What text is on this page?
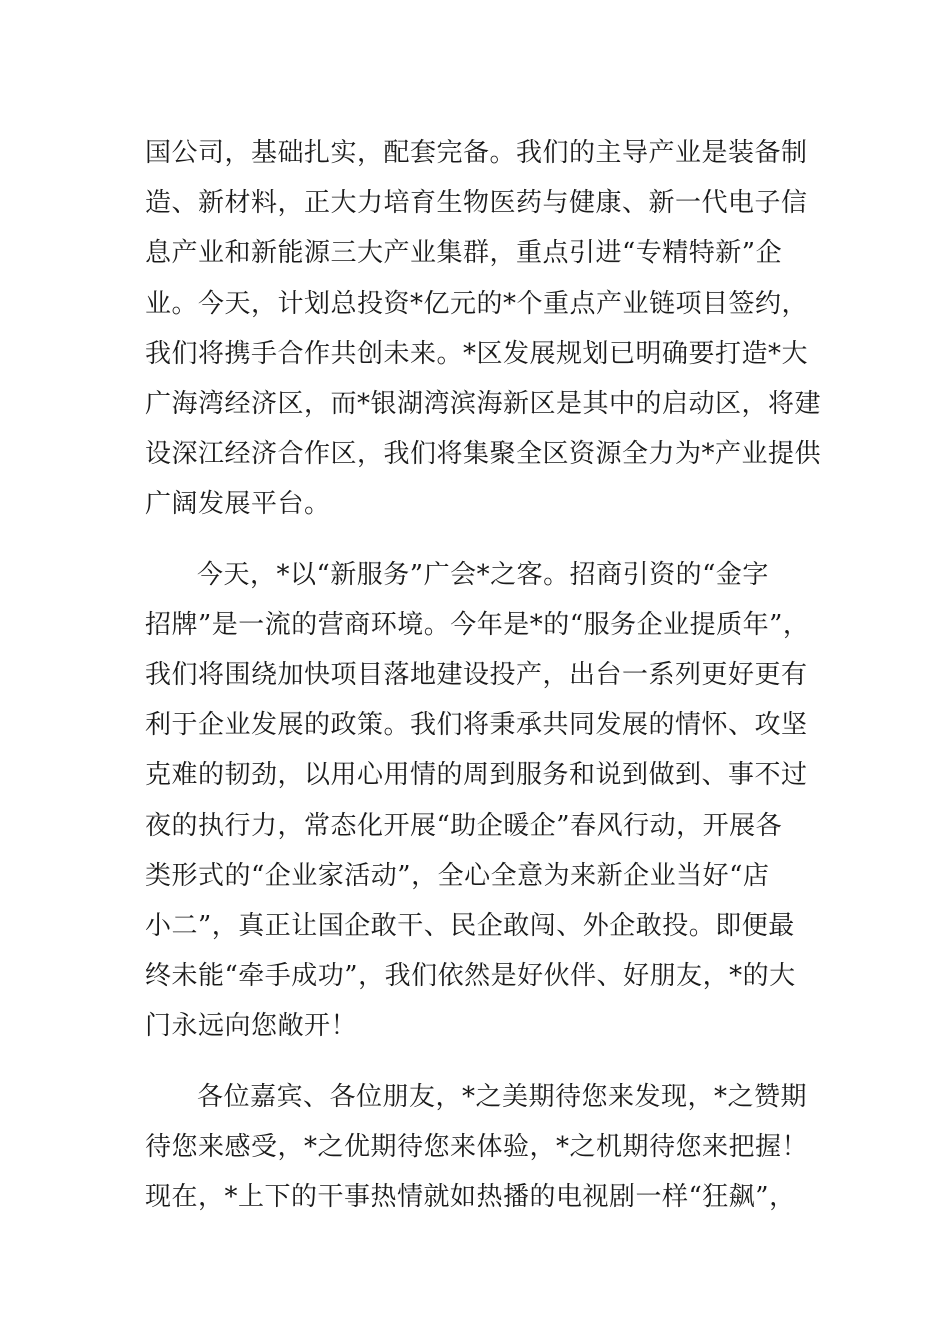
国公司，基础扎实，配套完备。我们的主导产业是装备制
造、新材料，正大力培育生物医药与健康、新一代电子信
息产业和新能源三大产业集群，重点引进“专精特新”企
业。今天，计划总投资*亿元的*个重点产业链项目签约，
我们将携手合作共创未来。*区发展规划已明确要打造*大
广海湾经济区，而*银湖湾滨海新区是其中的启动区，将建
设深江经济合作区，我们将集聚全区资源全力为*产业提供
广阔发展平台。

今天，*以“新服务”广会*之客。招商引资的“金字
招牌”是一流的营商环境。今年是*的“服务企业提质年”，
我们将围绕加快项目落地建设投产，出台一系列更好更有
利于企业发展的政策。我们将秉承共同发展的情怀、攻坚
克难的韧劲，以用心用情的周到服务和说到做到、事不过
夜的执行力，常态化开展“助企暖企”春风行动，开展各
类形式的“企业家活动”，全心全意为来新企业当好“店
小二”，真正让国企敢干、民企敢闯、外企敢投。即便最
终未能“牵手成功”，我们依然是好伙伴、好朋友，*的大
门永远向您敞开！

各位嘉宾、各位朋友，*之美期待您来发现，*之赞期
待您来感受，*之优期待您来体验，*之机期待您来把握！
现在，*上下的干事热情就如热播的电视剧一样“狂飙”，
